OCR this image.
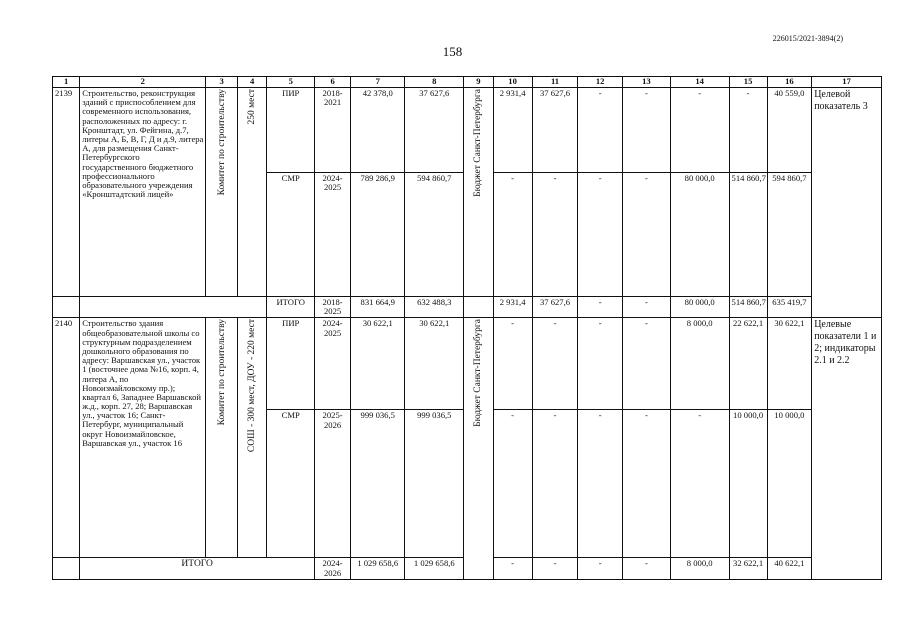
226015/2021-3894(2)
158
1	2	3	4	5	6	7	8	9	10	11	12	13	14	15	16	17
2139	Строительство, реконструкция зданий с приспособлением для современного использования, расположенных по адресу: г. Кронштадт, ул. Фейгина, д.7, литеры А, Б, В, Г, Д и д.9, литера А, для размещения Санкт-Петербургского государственного бюджетного профессионального образовательного учреждения «Кронштадтский лицей»	Комитет по строительству	250 мест	ПИР	2018-2021	42 378,0	37 627,6	Бюджет Санкт-Петербурга	2 931,4	37 627,6	-	-	-	-	40 559,0	Целевой показатель 3
				СМР	2024-2025	789 286,9	594 860,7		-	-	-	-	80 000,0	514 860,7	594 860,7	
				ИТОГО	2018-2025	831 664,9	632 488,3		2 931,4	37 627,6	-	-	80 000,0	514 860,7	635 419,7	
2140	Строительство здания общеобразовательной школы со структурным подразделением дошкольного образования по адресу: Варшавская ул., участок 1 (восточнее дома №16, корп. 4, литера А, по Новоизмайловскому пр.); квартал 6, Западнее Варшавской ж.д., корп. 27, 28; Варшавская ул., участок 16; Санкт-Петербург, муниципальный округ Новоизмайловское, Варшавская ул., участок 16	Комитет по строительству	СОШ - 300 мест, ДОУ - 220 мест	ПИР	2024-2025	30 622,1	30 622,1	Бюджет Санкт-Петербурга	-	-	-	-	8 000,0	22 622,1	30 622,1	Целевые показатели 1 и 2; индикаторы 2.1 и 2.2
				СМР	2025-2026	999 036,5	999 036,5		-	-	-	-	-	10 000,0	10 000,0	
	ИТОГО				2024-2026	1 029 658,6	1 029 658,6		-	-	-	-	8 000,0	32 622,1	40 622,1	
